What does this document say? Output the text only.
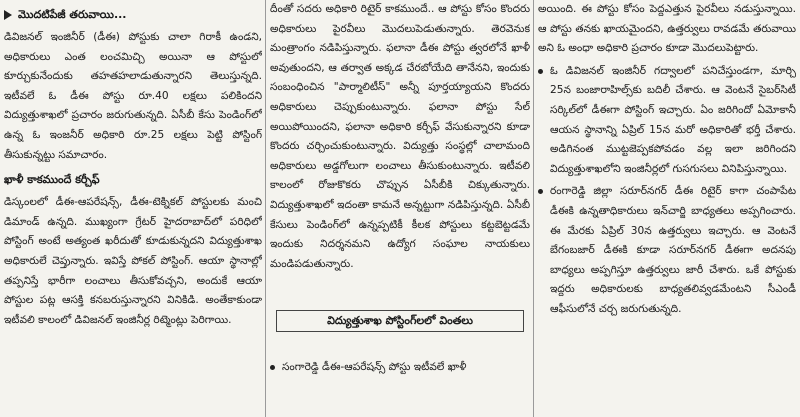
మొదటిపేజీ తరువాయి...

డివిజనల్ ఇంజినీర్ (డీఈ) పోస్టుకు చాలా గిరాకీ ఉండని, అధికారులు ఎంత లంచమిచ్చి అయినా ఆ పోస్టులో కూర్చుకునేందుకు తహతహలాడుతున్నారని తెలుస్తున్నది. ఇటీవలే ఓ డీఈ పోస్టు రూ.40 లక్షలు పలికిందని విద్యుత్తుశాఖలో ప్రచారం జరుగుతున్నది. ఏసీబీ కేసు పెండింగ్‌లో ఉన్న ఓ ఇంజనీర్ అధికారి రూ.25 లక్షలు పెట్టి పోస్టింగ్ తీసుకున్నట్టు సమాచారం.

ఖాళీ కాకముందే కర్చీఫ్

డిస్కంలలో డీఈ-ఆపరేషన్స్, డీఈ-టెక్నికల్ పోస్టులకు మంచి డిమాండ్ ఉన్నది. ముఖ్యంగా గ్రేటర్ హైదరాబాద్‌లో పరిధిలో పోస్టింగ్ అంటే అత్యంత ఖరీదుతో కూడుకున్నదని విద్యుత్తుశాఖ అధికారులే చెప్తున్నారు. ఇవిస్తే పోకల్ పోస్టింగ్. ఆయా స్థానాల్లో తప్పనిస్తే భారీగా లంచాలు తీసుకోవచ్చని, అందుకే ఆయా పోస్టుల పట్ల ఆసక్తి కనబరుస్తున్నారని వినికిడి. అంతేకాకుండా ఇటీవలి కాలంలో డివిజనల్ ఇంజినీర్ల రిట్మెంట్లు పెరిగాయి.

దీంతో సదరు అధికారి రిటైర్ కాకముందే.. ఆ పోస్టు కోసం కొందరు అధికారులు పైరవీలు మొదలుపెడుతున్నారు. తెరవెనుక మంత్రాంగం నడిపిస్తున్నారు. ఫలానా డీఈ పోస్టు త్వరలోనే ఖాళీ అవుతుందని, ఆ తర్వాత అక్కడ చేరబోయేది తానేనని, ఇందుకు సంబంధించిన "పార్మాలిటీస్" అన్నీ పూర్తయ్యాయని కొందరు అధికారులు చెప్పుకుంటున్నారు. ఫలానా పోస్టు సేల్ అయిపోయిందని, ఫలానా అధికారి కర్చీఫ్ వేసుకున్నారని కూడా కొందరు చర్చించుకుంటున్నారు. విద్యుత్తు సంస్థల్లో చాలామంది అధికారులు అడ్డగోలుగా లంచాలు తీసుకుంటున్నారు. ఇటీవలి కాలంలో రోజుకొకరు చొప్పున ఏసీబీకి చిక్కుతున్నారు. విద్యుత్తుశాఖలో ఇదంతా కామనే అన్నట్టుగా నడిపిస్తున్నది. ఏసీబీ కేసులు పెండింగ్‌లో ఉన్నప్పటికీ కీలక పోస్టులు కట్టబెట్టడమే ఇందుకు నిదర్శనమని ఉద్యోగ సంఘాల నాయకులు మండిపడుతున్నారు.

విద్యుత్తుశాఖ పోస్టింగ్‌లలో వింతలు

సంగారెడ్డి డీఈ-ఆపరేషన్స్ పోస్టు ఇటీవలే ఖాళీ

అయింది. ఈ పోస్టు కోసం పెద్దఎత్తున పైరవీలు నడుస్తున్నాయి. ఆ పోస్టు తనకు ఖాయమైందని, ఉత్తర్వులు రావడమే తరువాయి అని ఓ అంధా అధికారి ప్రచారం కూడా మొదలుపెట్టారు.

ఓ డివిజనల్ ఇంజినీర్ గద్వాలలో పనిచేస్తుండగా, మార్చి 25న బంజారాహిల్స్‌కు బదిలీ చేశారు. ఆ వెంటనే సైబర్‌సిటీ సర్కిల్‌లో డీఈగా పోస్టింగ్ ఇచ్చారు. ఏం జరిగిందో ఏమోకానీ ఆయన స్థానాన్ని ఏప్రిల్ 15న మరో అధికారితో భర్తీ చేశారు. అడిగినంత ముట్టజెప్పకపోవడం వల్ల ఇలా జరిగిందని విద్యుత్తుశాఖలోని ఇంజినీర్లలో గుసగుసలు వినిపిస్తున్నాయి.

రంగారెడ్డి జిల్లా సరూర్‌నగర్ డీఈ రిటైర్ కాగా చంపాపేట డీఈకి ఉన్నతాధికారులు ఇన్‌చార్జి బాధ్యతలు అప్పగించారు. ఈ మేరకు ఏప్రిల్ 30న ఉత్తర్వులు ఇచ్చారు. ఆ వెంటనే బేగంబజార్ డీఈకి కూడా సరూర్‌నగర్ డీఈగా అదనపు బాధ్యలు అప్పగిస్తూ ఉత్తర్వులు జారీ చేశారు. ఒకే పోస్టుకు ఇద్దరు అధికారులకు బాధ్యతలివ్వడమేంటని సీఎండీ ఆఫీసులోనే చర్చ జరుగుతున్నది.
